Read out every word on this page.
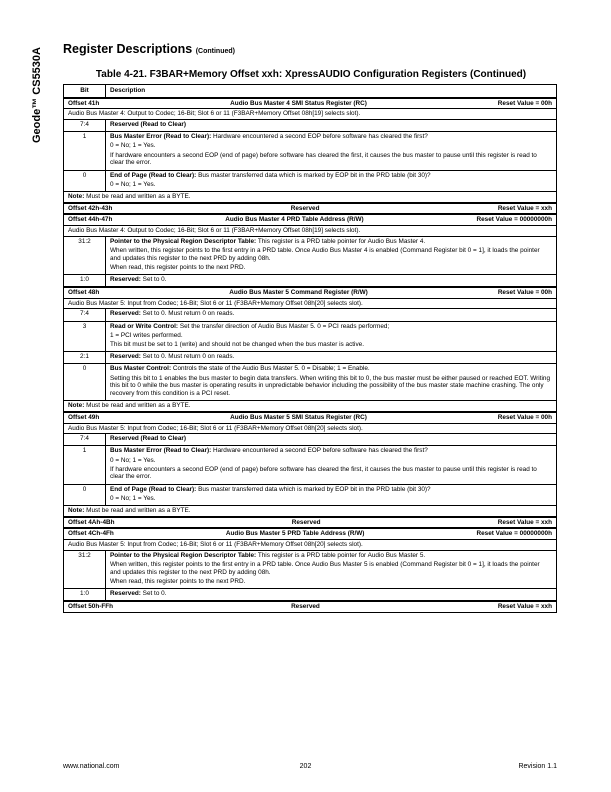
Geode™ CS5530A Register Descriptions (Continued)
Table 4-21. F3BAR+Memory Offset xxh: XpressAUDIO Configuration Registers (Continued)
Bit	Description

Offset 41h Audio Bus Master 4 SMI Status Register (RC) Reset Value = 00h	

Audio Bus Master 4: Output to Codec; 16-Bit; Slot 6 or 11 (F3BAR+Memory Offset 08h[19] selects slot).	
7:4	Reserved (Read to Clear)

1	Bus Master Error (Read to Clear): Hardware encountered a second EOP before software has cleared the first?

0 = No; 1 = Yes.

If hardware encounters a second EOP (end of page) before software has cleared the first, it causes the bus master to pause until this register is read to clear the error.

0	End of Page (Read to Clear): Bus master transferred data which is marked by EOP bit in the PRD table (bit 30)?

0 = No; 1 = Yes.

Note: Must be read and written as a BYTE.	

Offset 42h-43h Reserved Reset Value = xxh	

Offset 44h-47h Audio Bus Master 4 PRD Table Address (R/W) Reset Value = 00000000h	

Audio Bus Master 4: Output to Codec; 16-Bit; Slot 6 or 11 (F3BAR+Memory Offset 08h[19] selects slot).	
31:2	Pointer to the Physical Region Descriptor Table: This register is a PRD table pointer for Audio Bus Master 4.

When written, this register points to the first entry in a PRD table. Once Audio Bus Master 4 is enabled (Command Register bit 0 = 1], it loads the pointer and updates this register to the next PRD by adding 08h.

When read, this register points to the next PRD.

1:0	Reserved: Set to 0.

Offset 48h Audio Bus Master 5 Command Register (R/W) Reset Value = 00h	

Audio Bus Master 5: Input from Codec; 16-Bit; Slot 6 or 11 (F3BAR+Memory Offset 08h[20] selects slot).	
7:4	Reserved: Set to 0. Must return 0 on reads.

3	Read or Write Control: Set the transfer direction of Audio Bus Master 5. 0 = PCI reads performed;

1 = PCI writes performed.

This bit must be set to 1 (write) and should not be changed when the bus master is active.

2:1	Reserved: Set to 0. Must return 0 on reads.

0	Bus Master Control: Controls the state of the Audio Bus Master 5. 0 = Disable; 1 = Enable.

Setting this bit to 1 enables the bus master to begin data transfers. When writing this bit to 0, the bus master must be either paused or reached EOT. Writing this bit to 0 while the bus master is operating results in unpredictable behavior including the possibility of the bus master state machine crashing. The only recovery from this condition is a PCI reset.

Note: Must be read and written as a BYTE.	

Offset 49h Audio Bus Master 5 SMI Status Register (RC) Reset Value = 00h	

Audio Bus Master 5: Input from Codec; 16-Bit; Slot 6 or 11 (F3BAR+Memory Offset 08h[20] selects slot).	
7:4	Reserved (Read to Clear)

1	Bus Master Error (Read to Clear): Hardware encountered a second EOP before software has cleared the first?

0 = No; 1 = Yes.

If hardware encounters a second EOP (end of page) before software has cleared the first, it causes the bus master to pause until this register is read to clear the error.

0	End of Page (Read to Clear): Bus master transferred data which is marked by EOP bit in the PRD table (bit 30)?

0 = No; 1 = Yes.

Note: Must be read and written as a BYTE.	

Offset 4Ah-4Bh Reserved Reset Value = xxh	

Offset 4Ch-4Fh Audio Bus Master 5 PRD Table Address (R/W) Reset Value = 00000000h	

Audio Bus Master 5: Input from Codec; 16-Bit; Slot 6 or 11 (F3BAR+Memory Offset 08h[20] selects slot).	
31:2	Pointer to the Physical Region Descriptor Table: This register is a PRD table pointer for Audio Bus Master 5.

When written, this register points to the first entry in a PRD table. Once Audio Bus Master 5 is enabled (Command Register bit 0 = 1], it loads the pointer and updates this register to the next PRD by adding 08h.

When read, this register points to the next PRD.

1:0	Reserved: Set to 0.

Offset 50h-FFh Reserved Reset Value = xxh	
www.national.com	202	Revision 1.1
